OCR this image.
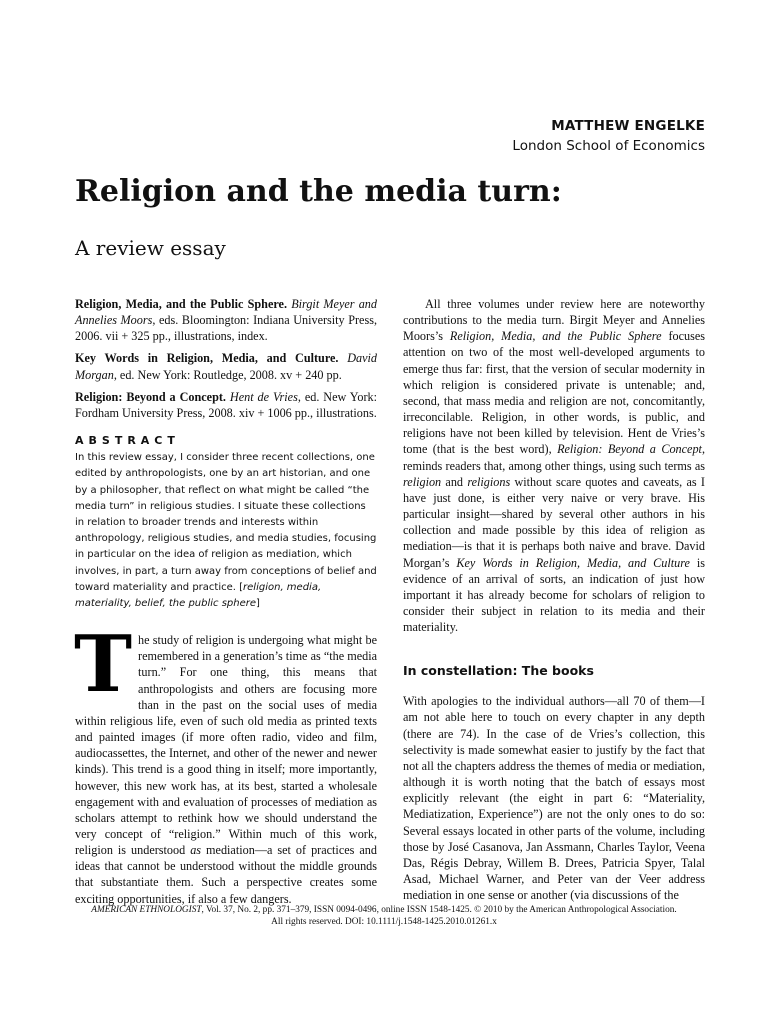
MATTHEW ENGELKE
London School of Economics
Religion and the media turn:
A review essay

Religion, Media, and the Public Sphere. Birgit Meyer and Annelies Moors, eds. Bloomington: Indiana University Press, 2006. vii + 325 pp., illustrations, index.

Key Words in Religion, Media, and Culture. David Morgan, ed. New York: Routledge, 2008. xv + 240 pp.

Religion: Beyond a Concept. Hent de Vries, ed. New York: Fordham University Press, 2008. xiv + 1006 pp., illustrations.

ABSTRACT

In this review essay, I consider three recent collections, one edited by anthropologists, one by an art historian, and one by a philosopher, that reflect on what might be called “the media turn” in religious studies. I situate these collections in relation to broader trends and interests within anthropology, religious studies, and media studies, focusing in particular on the idea of religion as mediation, which involves, in part, a turn away from conceptions of belief and toward materiality and practice. [religion, media, materiality, belief, the public sphere]

The study of religion is undergoing what might be remembered in a generation’s time as “the media turn.” For one thing, this means that anthropologists and others are focusing more than in the past on the social uses of media within religious life, even of such old media as printed texts and painted images (if more often radio, video and film, audiocassettes, the Internet, and other of the newer and newer kinds). This trend is a good thing in itself; more importantly, however, this new work has, at its best, started a wholesale engagement with and evaluation of processes of mediation as scholars attempt to rethink how we should understand the very concept of “religion.” Within much of this work, religion is understood as mediation—a set of practices and ideas that cannot be understood without the middle grounds that substantiate them. Such a perspective creates some exciting opportunities, if also a few dangers.

All three volumes under review here are noteworthy contributions to the media turn. Birgit Meyer and Annelies Moors’s Religion, Media, and the Public Sphere focuses attention on two of the most well-developed arguments to emerge thus far: first, that the version of secular modernity in which religion is considered private is untenable; and, second, that mass media and religion are not, concomitantly, irreconcilable. Religion, in other words, is public, and religions have not been killed by television. Hent de Vries’s tome (that is the best word), Religion: Beyond a Concept, reminds readers that, among other things, using such terms as religion and religions without scare quotes and caveats, as I have just done, is either very naive or very brave. His particular insight—shared by several other authors in his collection and made possible by this idea of religion as mediation—is that it is perhaps both naive and brave. David Morgan’s Key Words in Religion, Media, and Culture is evidence of an arrival of sorts, an indication of just how important it has already become for scholars of religion to consider their subject in relation to its media and their materiality.

In constellation: The books

With apologies to the individual authors—all 70 of them—I am not able here to touch on every chapter in any depth (there are 74). In the case of de Vries’s collection, this selectivity is made somewhat easier to justify by the fact that not all the chapters address the themes of media or mediation, although it is worth noting that the batch of essays most explicitly relevant (the eight in part 6: “Materiality, Mediatization, Experience”) are not the only ones to do so: Several essays located in other parts of the volume, including those by José Casanova, Jan Assmann, Charles Taylor, Veena Das, Régis Debray, Willem B. Drees, Patricia Spyer, Talal Asad, Michael Warner, and Peter van der Veer address mediation in one sense or another (via discussions of the

AMERICAN ETHNOLOGIST, Vol. 37, No. 2, pp. 371–379, ISSN 0094-0496, online ISSN 1548-1425. © 2010 by the American Anthropological Association.
All rights reserved. DOI: 10.1111/j.1548-1425.2010.01261.x
